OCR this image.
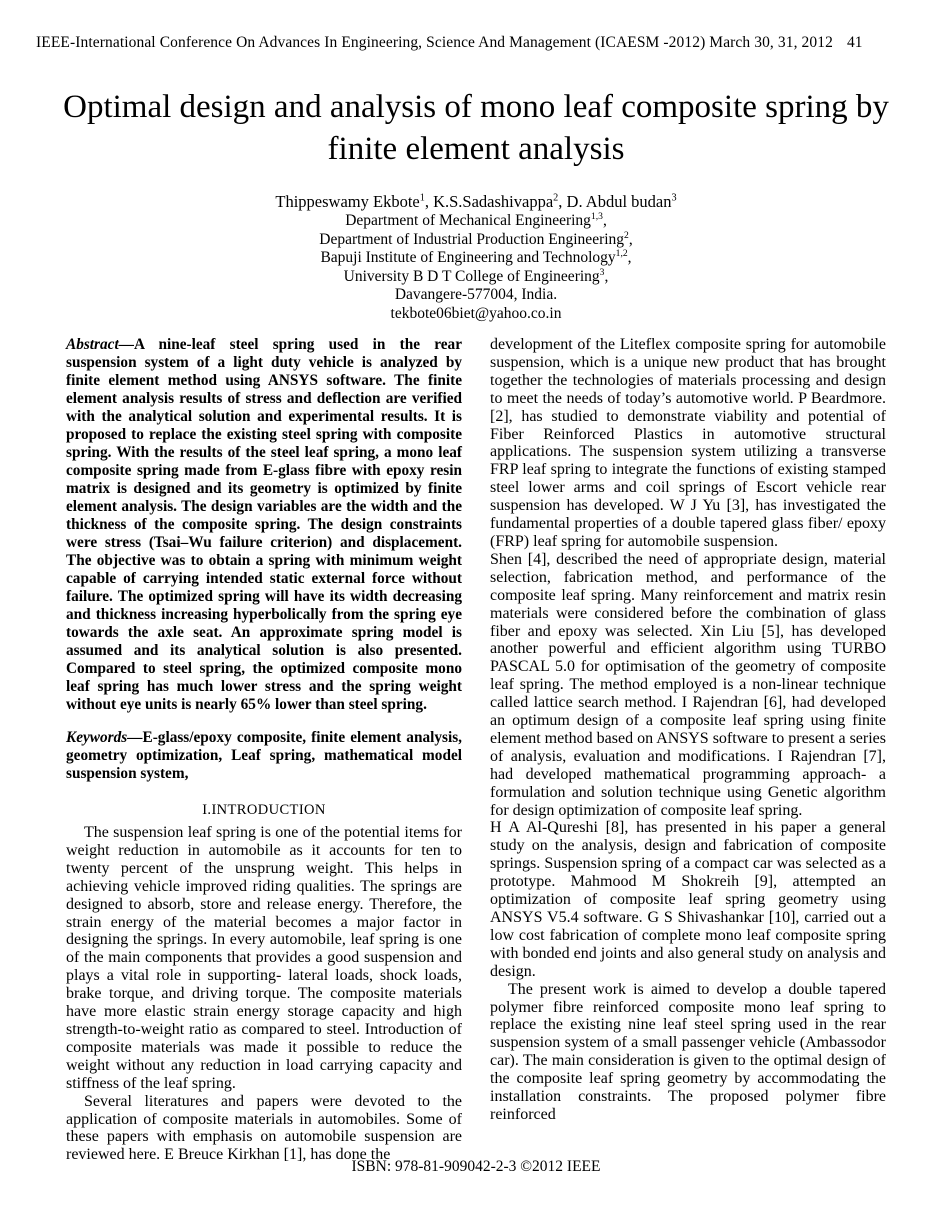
IEEE-International Conference On Advances In Engineering, Science And Management (ICAESM -2012) March 30, 31, 2012 41
Optimal design and analysis of mono leaf composite spring by finite element analysis
Thippeswamy Ekbote$^1$, K.S.Sadashivappa$^2$, D. Abdul budan$^3$
Department of Mechanical Engineering$^{1,3}$,
Department of Industrial Production Engineering$^2$,
Bapuji Institute of Engineering and Technology$^{1,2}$,
University B D T College of Engineering$^3$,
Davangere-577004, India.
tekbote06biet@yahoo.co.in

Abstract—A nine-leaf steel spring used in the rear suspension system of a light duty vehicle is analyzed by finite element method using ANSYS software. The finite element analysis results of stress and deflection are verified with the analytical solution and experimental results. It is proposed to replace the existing steel spring with composite spring. With the results of the steel leaf spring, a mono leaf composite spring made from E-glass fibre with epoxy resin matrix is designed and its geometry is optimized by finite element analysis. The design variables are the width and the thickness of the composite spring. The design constraints were stress (Tsai–Wu failure criterion) and displacement. The objective was to obtain a spring with minimum weight capable of carrying intended static external force without failure. The optimized spring will have its width decreasing and thickness increasing hyperbolically from the spring eye towards the axle seat. An approximate spring model is assumed and its analytical solution is also presented. Compared to steel spring, the optimized composite mono leaf spring has much lower stress and the spring weight without eye units is nearly 65% lower than steel spring.

Keywords—E-glass/epoxy composite, finite element analysis, geometry optimization, Leaf spring, mathematical model suspension system,

I.INTRODUCTION

The suspension leaf spring is one of the potential items for weight reduction in automobile as it accounts for ten to twenty percent of the unsprung weight. This helps in achieving vehicle improved riding qualities. The springs are designed to absorb, store and release energy. Therefore, the strain energy of the material becomes a major factor in designing the springs. In every automobile, leaf spring is one of the main components that provides a good suspension and plays a vital role in supporting- lateral loads, shock loads, brake torque, and driving torque. The composite materials have more elastic strain energy storage capacity and high strength-to-weight ratio as compared to steel. Introduction of composite materials was made it possible to reduce the weight without any reduction in load carrying capacity and stiffness of the leaf spring.

Several literatures and papers were devoted to the application of composite materials in automobiles. Some of these papers with emphasis on automobile suspension are reviewed here. E Breuce Kirkhan [1], has done the

development of the Liteflex composite spring for automobile suspension, which is a unique new product that has brought together the technologies of materials processing and design to meet the needs of today’s automotive world. P Beardmore. [2], has studied to demonstrate viability and potential of Fiber Reinforced Plastics in automotive structural applications. The suspension system utilizing a transverse FRP leaf spring to integrate the functions of existing stamped steel lower arms and coil springs of Escort vehicle rear suspension has developed. W J Yu [3], has investigated the fundamental properties of a double tapered glass fiber/ epoxy (FRP) leaf spring for automobile suspension.

Shen [4], described the need of appropriate design, material selection, fabrication method, and performance of the composite leaf spring. Many reinforcement and matrix resin materials were considered before the combination of glass fiber and epoxy was selected. Xin Liu [5], has developed another powerful and efficient algorithm using TURBO PASCAL 5.0 for optimisation of the geometry of composite leaf spring. The method employed is a non-linear technique called lattice search method. I Rajendran [6], had developed an optimum design of a composite leaf spring using finite element method based on ANSYS software to present a series of analysis, evaluation and modifications. I Rajendran [7], had developed mathematical programming approach- a formulation and solution technique using Genetic algorithm for design optimization of composite leaf spring.

H A Al-Qureshi [8], has presented in his paper a general study on the analysis, design and fabrication of composite springs. Suspension spring of a compact car was selected as a prototype. Mahmood M Shokreih [9], attempted an optimization of composite leaf spring geometry using ANSYS V5.4 software. G S Shivashankar [10], carried out a low cost fabrication of complete mono leaf composite spring with bonded end joints and also general study on analysis and design.

The present work is aimed to develop a double tapered polymer fibre reinforced composite mono leaf spring to replace the existing nine leaf steel spring used in the rear suspension system of a small passenger vehicle (Ambassodor car). The main consideration is given to the optimal design of the composite leaf spring geometry by accommodating the installation constraints. The proposed polymer fibre reinforced

ISBN: 978-81-909042-2-3 ©2012 IEEE
